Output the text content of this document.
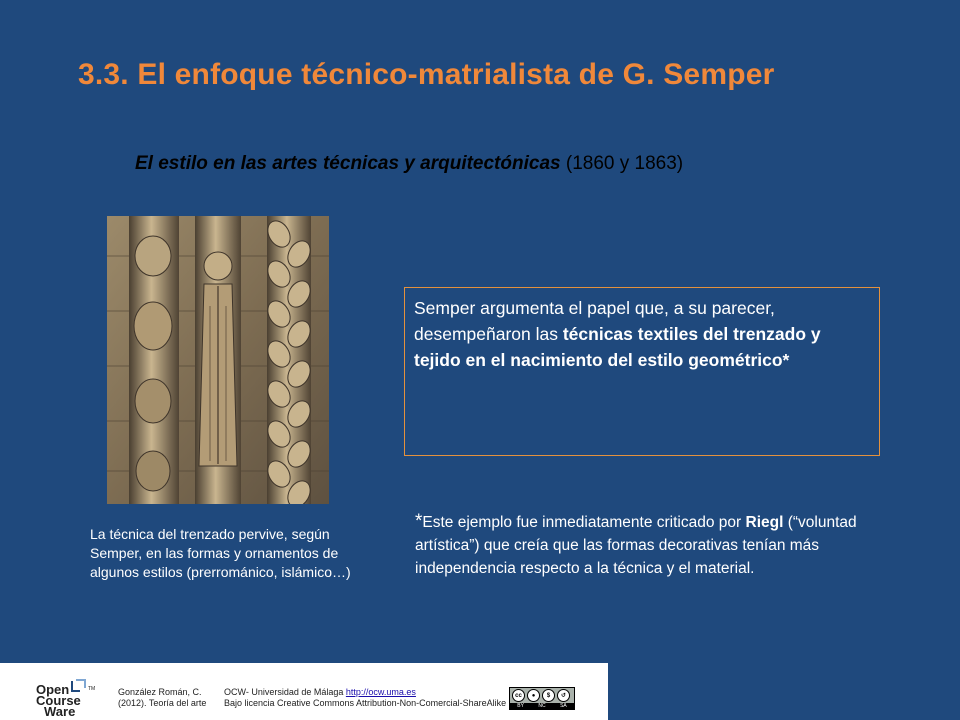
3.3. El enfoque técnico-matrialista de G. Semper

El estilo en las artes técnicas y arquitectónicas (1860 y 1863)

La técnica del trenzado pervive, según Semper, en las formas y ornamentos de algunos estilos (prerrománico, islámico…)

Semper argumenta el papel que, a su parecer, desempeñaron las técnicas textiles del trenzado y tejido en el nacimiento del estilo geométrico*

*Este ejemplo fue inmediatamente criticado por Riegl (“voluntad artística”) que creía que las formas decorativas tenían más independencia respecto a la técnica y el material.

TM
Open
Course
Ware
González Román, C.
(2012). Teoría del arte
OCW- Universidad de Málaga http://ocw.uma.es
Bajo licencia Creative Commons Attribution-Non-Comercial-ShareAlike
cc	●	$	↺
BY	NC	SA
